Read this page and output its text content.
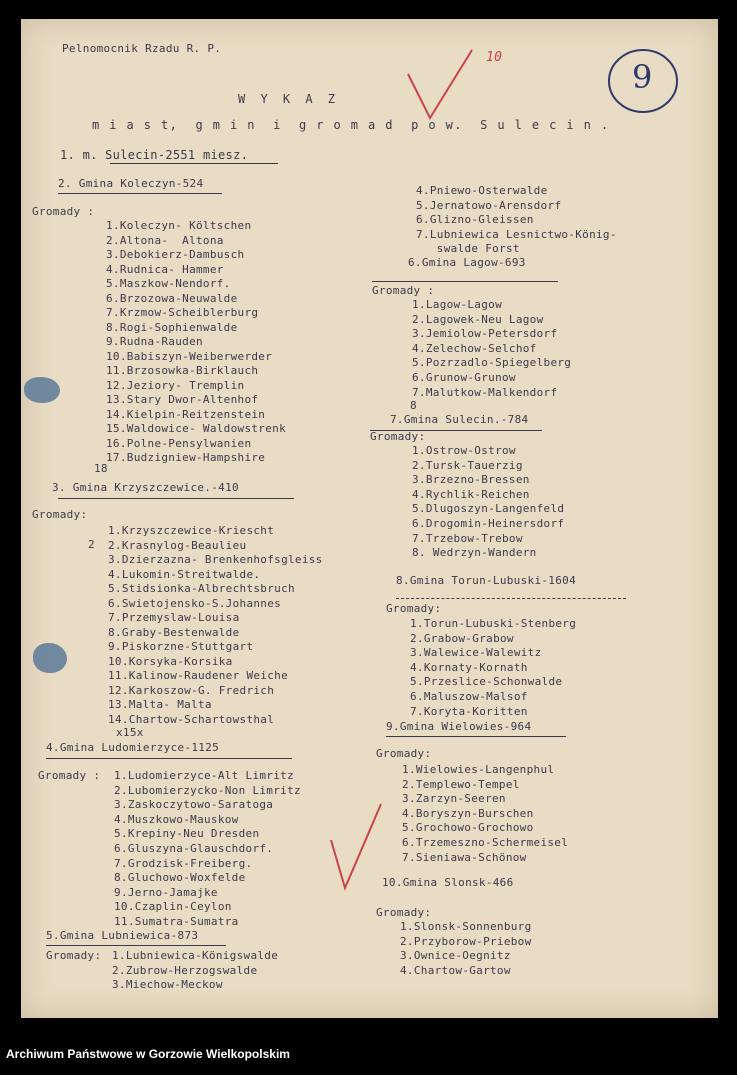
Pelnomocnik Rzadu R. P.
W Y K A Z
m i a s t,  g m i n  i  g r o m a d  p o w.  S u l e c i n .
10
9
1. m. Sulecin-2551 miesz.
2. Gmina Koleczyn-524
Gromady :
1.Koleczyn- Költschen
2.Altona-  Altona
3.Debokierz-Dambusch
4.Rudnica- Hammer
5.Maszkow-Nendorf.
6.Brzozowa-Neuwalde
7.Krzmow-Scheiblerburg
8.Rogi-Sophienwalde
9.Rudna-Rauden
10.Babiszyn-Weiberwerder
11.Brzosowka-Birklauch
12.Jeziory- Tremplin
13.Stary Dwor-Altenhof
14.Kielpin-Reitzenstein
15.Waldowice- Waldowstrenk
16.Polne-Pensylwanien
17.Budzigniew-Hampshire
18
3. Gmina Krzyszczewice.-410
Gromady:
2
1.Krzyszczewice-Kriescht
2.Krasnylog-Beaulieu
3.Dzierzazna- Brenkenhofsgleiss
4.Lukomin-Streitwalde.
5.Stidsionka-Albrechtsbruch
6.Swietojensko-S.Johannes
7.Przemyslaw-Louisa
8.Graby-Bestenwalde
9.Piskorzne-Stuttgart
10.Korsyka-Korsika
11.Kalinow-Raudener Weiche
12.Karkoszow-G. Fredrich
13.Malta- Malta
14.Chartow-Schartowsthal
x15x
4.Gmina Ludomierzyce-1125
Gromady : 1.Ludomierzyce-Alt Limritz
2.Lubomierzycko-Non Limritz
3.Zaskoczytowo-Saratoga
4.Muszkowo-Mauskow
5.Krepiny-Neu Dresden
6.Gluszyna-Glauschdorf.
7.Grodzisk-Freiberg.
8.Gluchowo-Woxfelde
9.Jerno-Jamajke
10.Czaplin-Ceylon
11.Sumatra-Sumatra
5.Gmina Lubniewica-873
Gromady: 1.Lubniewica-Königswalde
2.Zubrow-Herzogswalde
3.Miechow-Meckow
4.Pniewo-Osterwalde
5.Jernatowo-Arensdorf
6.Glizno-Gleissen
7.Lubniewica Lesnictwo-König-
swalde Forst
6.Gmina Lagow-693
Gromady :
1.Lagow-Lagow
2.Lagowek-Neu Lagow
3.Jemiolow-Petersdorf
4.Zelechow-Selchof
5.Pozrzadlo-Spiegelberg
6.Grunow-Grunow
7.Malutkow-Malkendorf
8
7.Gmina Sulecin.-784
Gromady:
1.Ostrow-Ostrow
2.Tursk-Tauerzig
3.Brzezno-Bressen
4.Rychlik-Reichen
5.Dlugoszyn-Langenfeld
6.Drogomin-Heinersdorf
7.Trzebow-Trebow
8. Wedrzyn-Wandern
8.Gmina Torun-Lubuski-1604
Gromady:
1.Torun-Lubuski-Stenberg
2.Grabow-Grabow
3.Walewice-Walewitz
4.Kornaty-Kornath
5.Przeslice-Schonwalde
6.Maluszow-Malsof
7.Koryta-Koritten
9.Gmina Wielowies-964
Gromady:
1.Wielowies-Langenphul
2.Templewo-Tempel
3.Zarzyn-Seeren
4.Boryszyn-Burschen
5.Grochowo-Grochowo
6.Trzemeszno-Schermeisel
7.Sieniawa-Schönow
10.Gmina Slonsk-466
Gromady:
1.Slonsk-Sonnenburg
2.Przyborow-Priebow
3.Ownice-Oegnitz
4.Chartow-Gartow
Archiwum Państwowe w Gorzowie Wielkopolskim
